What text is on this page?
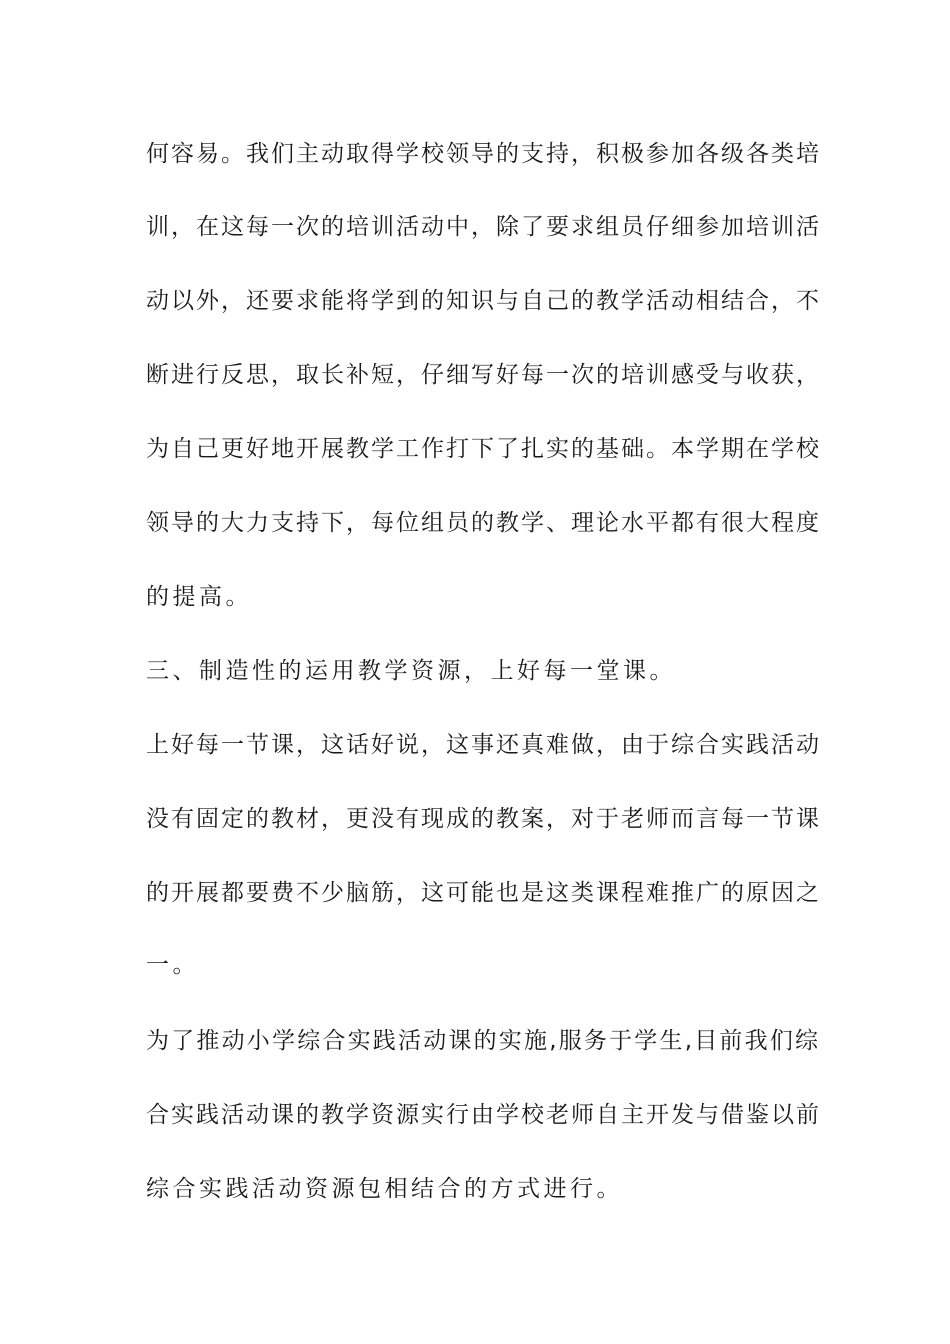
何容易。我们主动取得学校领导的支持，积极参加各级各类培
训，在这每一次的培训活动中，除了要求组员仔细参加培训活
动以外，还要求能将学到的知识与自己的教学活动相结合，不
断进行反思，取长补短，仔细写好每一次的培训感受与收获，
为自己更好地开展教学工作打下了扎实的基础。本学期在学校
领导的大力支持下，每位组员的教学、理论水平都有很大程度
的提高。
三、制造性的运用教学资源，上好每一堂课。
上好每一节课，这话好说，这事还真难做，由于综合实践活动
没有固定的教材，更没有现成的教案，对于老师而言每一节课
的开展都要费不少脑筋，这可能也是这类课程难推广的原因之
一。
为了推动小学综合实践活动课的实施,服务于学生,目前我们综
合实践活动课的教学资源实行由学校老师自主开发与借鉴以前
综合实践活动资源包相结合的方式进行。
